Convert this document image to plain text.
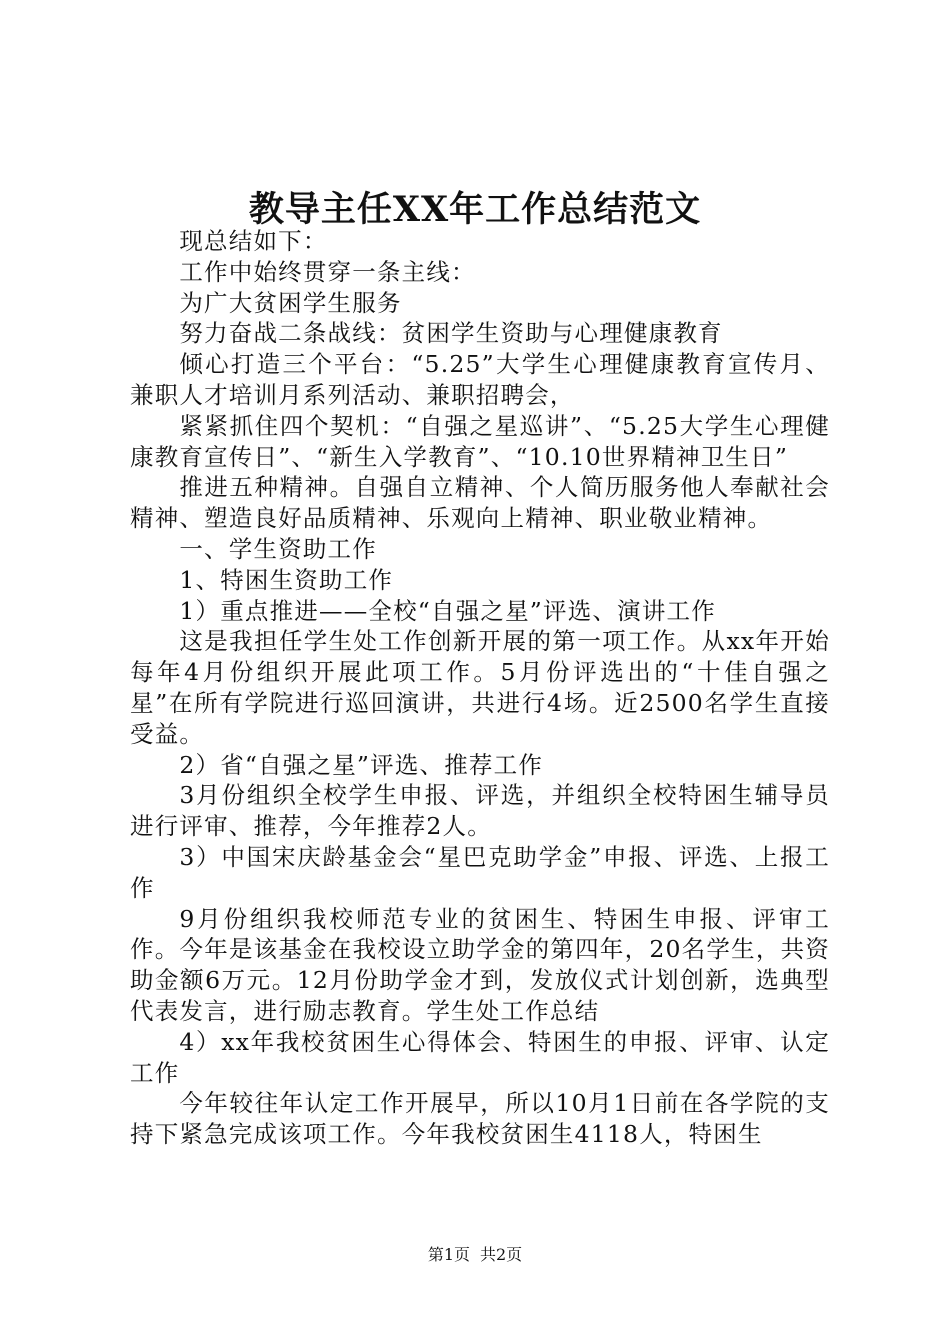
教导主任XX年工作总结范文

现总结如下：

工作中始终贯穿一条主线：

为广大贫困学生服务

努力奋战二条战线：贫困学生资助与心理健康教育

倾心打造三个平台：“5.25”大学生心理健康教育宣传月、兼职人才培训月系列活动、兼职招聘会，

紧紧抓住四个契机：“自强之星巡讲”、“5.25大学生心理健康教育宣传日”、“新生入学教育”、“10.10世界精神卫生日”

推进五种精神。自强自立精神、个人简历服务他人奉献社会精神、塑造良好品质精神、乐观向上精神、职业敬业精神。

一、学生资助工作

1、特困生资助工作

1）重点推进——全校“自强之星”评选、演讲工作

这是我担任学生处工作创新开展的第一项工作。从xx年开始每年4月份组织开展此项工作。5月份评选出的“十佳自强之星”在所有学院进行巡回演讲，共进行4场。近2500名学生直接受益。

2）省“自强之星”评选、推荐工作

3月份组织全校学生申报、评选，并组织全校特困生辅导员进行评审、推荐，今年推荐2人。

3）中国宋庆龄基金会“星巴克助学金”申报、评选、上报工作

9月份组织我校师范专业的贫困生、特困生申报、评审工作。今年是该基金在我校设立助学金的第四年，20名学生，共资助金额6万元。12月份助学金才到，发放仪式计划创新，选典型代表发言，进行励志教育。学生处工作总结

4）xx年我校贫困生心得体会、特困生的申报、评审、认定工作

今年较往年认定工作开展早，所以10月1日前在各学院的支持下紧急完成该项工作。今年我校贫困生4118人，特困生

第1页 共2页
